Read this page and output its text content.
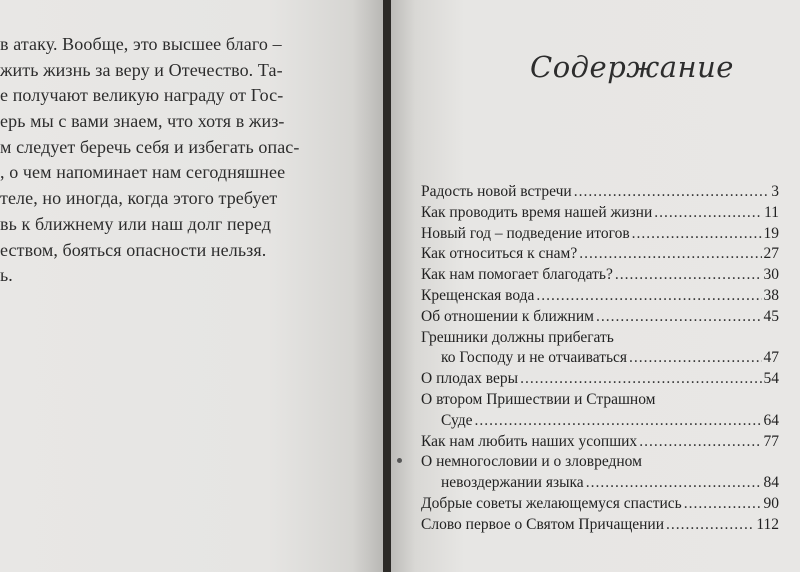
в атаку. Вообще, это высшее благо –
жить жизнь за веру и Отечество. Та-
е получают великую награду от Гос-
ерь мы с вами знаем, что хотя в жиз-
м следует беречь себя и избегать опас-
, о чем напоминает нам сегодняшнее
теле, но иногда, когда этого требует
вь к ближнему или наш долг перед
еством, бояться опасности нельзя.
ь.
Содержание
Радость новой встречи .....	3
Как проводить время нашей жизни .....	11
Новый год – подведение итогов .....	19
Как относиться к снам? .....	27
Как нам помогает благодать? .....	30
Крещенская вода .....	38
Об отношении к ближним .....	45
Грешники должны прибегать
ко Господу и не отчаиваться .....	47
О плодах веры .....	54
О втором Пришествии и Страшном
Суде .....	64
Как нам любить наших усопших .....	77
О немногословии и о зловредном
невоздержании языка .....	84
Добрые советы желающемуся спастись .....	90
Слово первое о Святом Причащении .....	112
